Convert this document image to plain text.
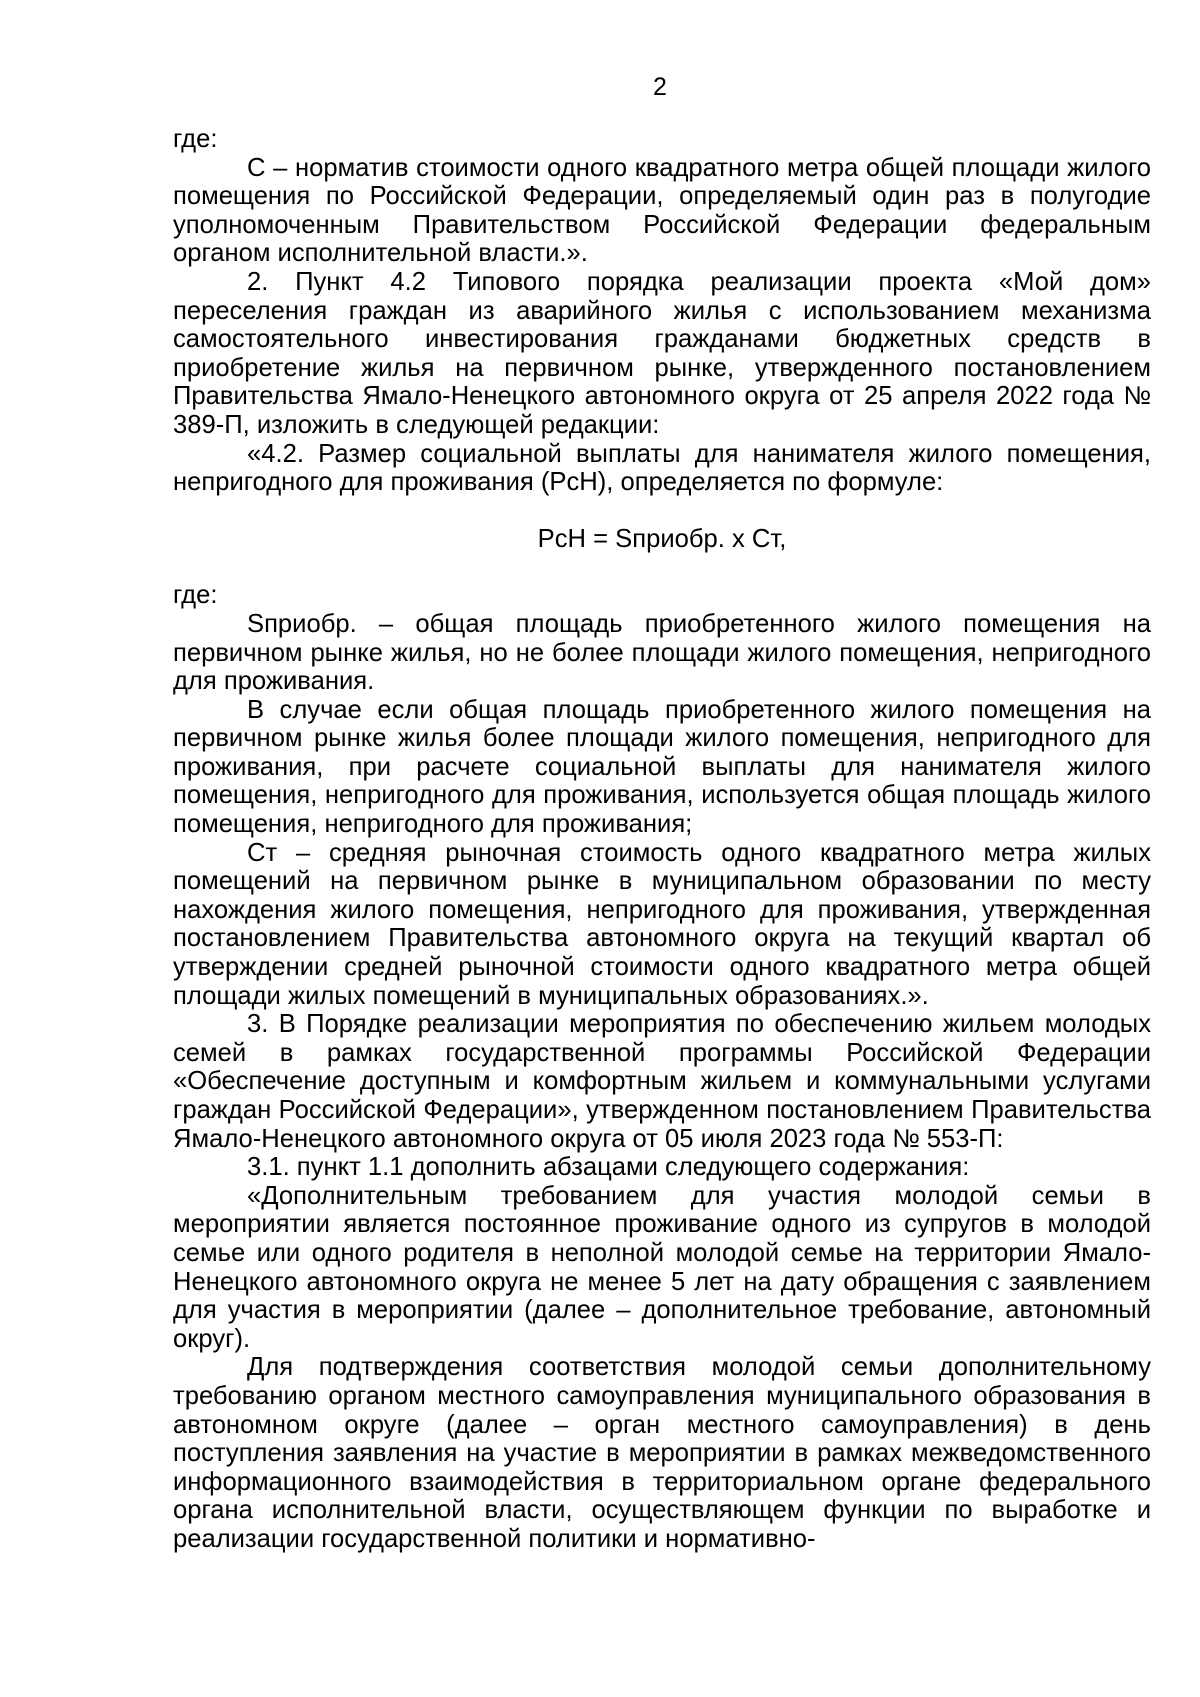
2

где:

С – норматив стоимости одного квадратного метра общей площади жилого помещения по Российской Федерации, определяемый один раз в полугодие уполномоченным Правительством Российской Федерации федеральным органом исполнительной власти.».

2. Пункт 4.2 Типового порядка реализации проекта «Мой дом» переселения граждан из аварийного жилья с использованием механизма самостоятельного инвестирования гражданами бюджетных средств в приобретение жилья на первичном рынке, утвержденного постановлением Правительства Ямало-Ненецкого автономного округа от 25 апреля 2022 года № 389-П, изложить в следующей редакции:

«4.2. Размер социальной выплаты для нанимателя жилого помещения, непригодного для проживания (РсН), определяется по формуле:

РсН = Sприобр. х Ст,

где:

Sприобр. – общая площадь приобретенного жилого помещения на первичном рынке жилья, но не более площади жилого помещения, непригодного для проживания.

В случае если общая площадь приобретенного жилого помещения на первичном рынке жилья более площади жилого помещения, непригодного для проживания, при расчете социальной выплаты для нанимателя жилого помещения, непригодного для проживания, используется общая площадь жилого помещения, непригодного для проживания;

Ст – средняя рыночная стоимость одного квадратного метра жилых помещений на первичном рынке в муниципальном образовании по месту нахождения жилого помещения, непригодного для проживания, утвержденная постановлением Правительства автономного округа на текущий квартал об утверждении средней рыночной стоимости одного квадратного метра общей площади жилых помещений в муниципальных образованиях.».

3. В Порядке реализации мероприятия по обеспечению жильем молодых семей в рамках государственной программы Российской Федерации «Обеспечение доступным и комфортным жильем и коммунальными услугами граждан Российской Федерации», утвержденном постановлением Правительства Ямало-Ненецкого автономного округа от 05 июля 2023 года № 553-П:

3.1. пункт 1.1 дополнить абзацами следующего содержания:

«Дополнительным требованием для участия молодой семьи в мероприятии является постоянное проживание одного из супругов в молодой семье или одного родителя в неполной молодой семье на территории Ямало-Ненецкого автономного округа не менее 5 лет на дату обращения с заявлением для участия в мероприятии (далее – дополнительное требование, автономный округ).

Для подтверждения соответствия молодой семьи дополнительному требованию органом местного самоуправления муниципального образования в автономном округе (далее – орган местного самоуправления) в день поступления заявления на участие в мероприятии в рамках межведомственного информационного взаимодействия в территориальном органе федерального органа исполнительной власти, осуществляющем функции по выработке и реализации государственной политики и нормативно-
